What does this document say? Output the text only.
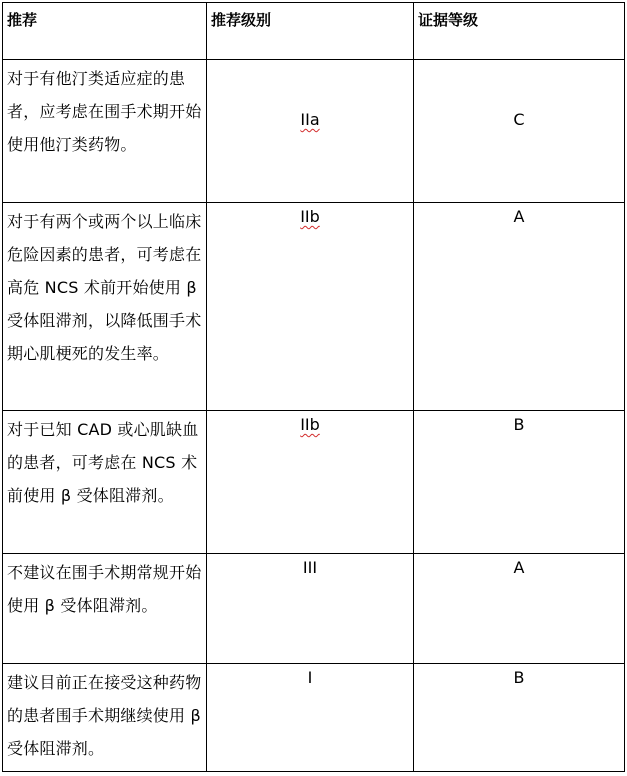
推荐	推荐级别	证据等级

对于有他汀类适应症的患者，应考虑在围手术期开始使用他汀类药物。	IIa	C

对于有两个或两个以上临床危险因素的患者，可考虑在高危 NCS 术前开始使用 β 受体阻滞剂，以降低围手术期心肌梗死的发生率。	IIb	A

对于已知 CAD 或心肌缺血的患者，可考虑在 NCS 术前使用 β 受体阻滞剂。	IIb	B

不建议在围手术期常规开始使用 β 受体阻滞剂。	III	A

建议目前正在接受这种药物的患者围手术期继续使用 β 受体阻滞剂。	I	B
